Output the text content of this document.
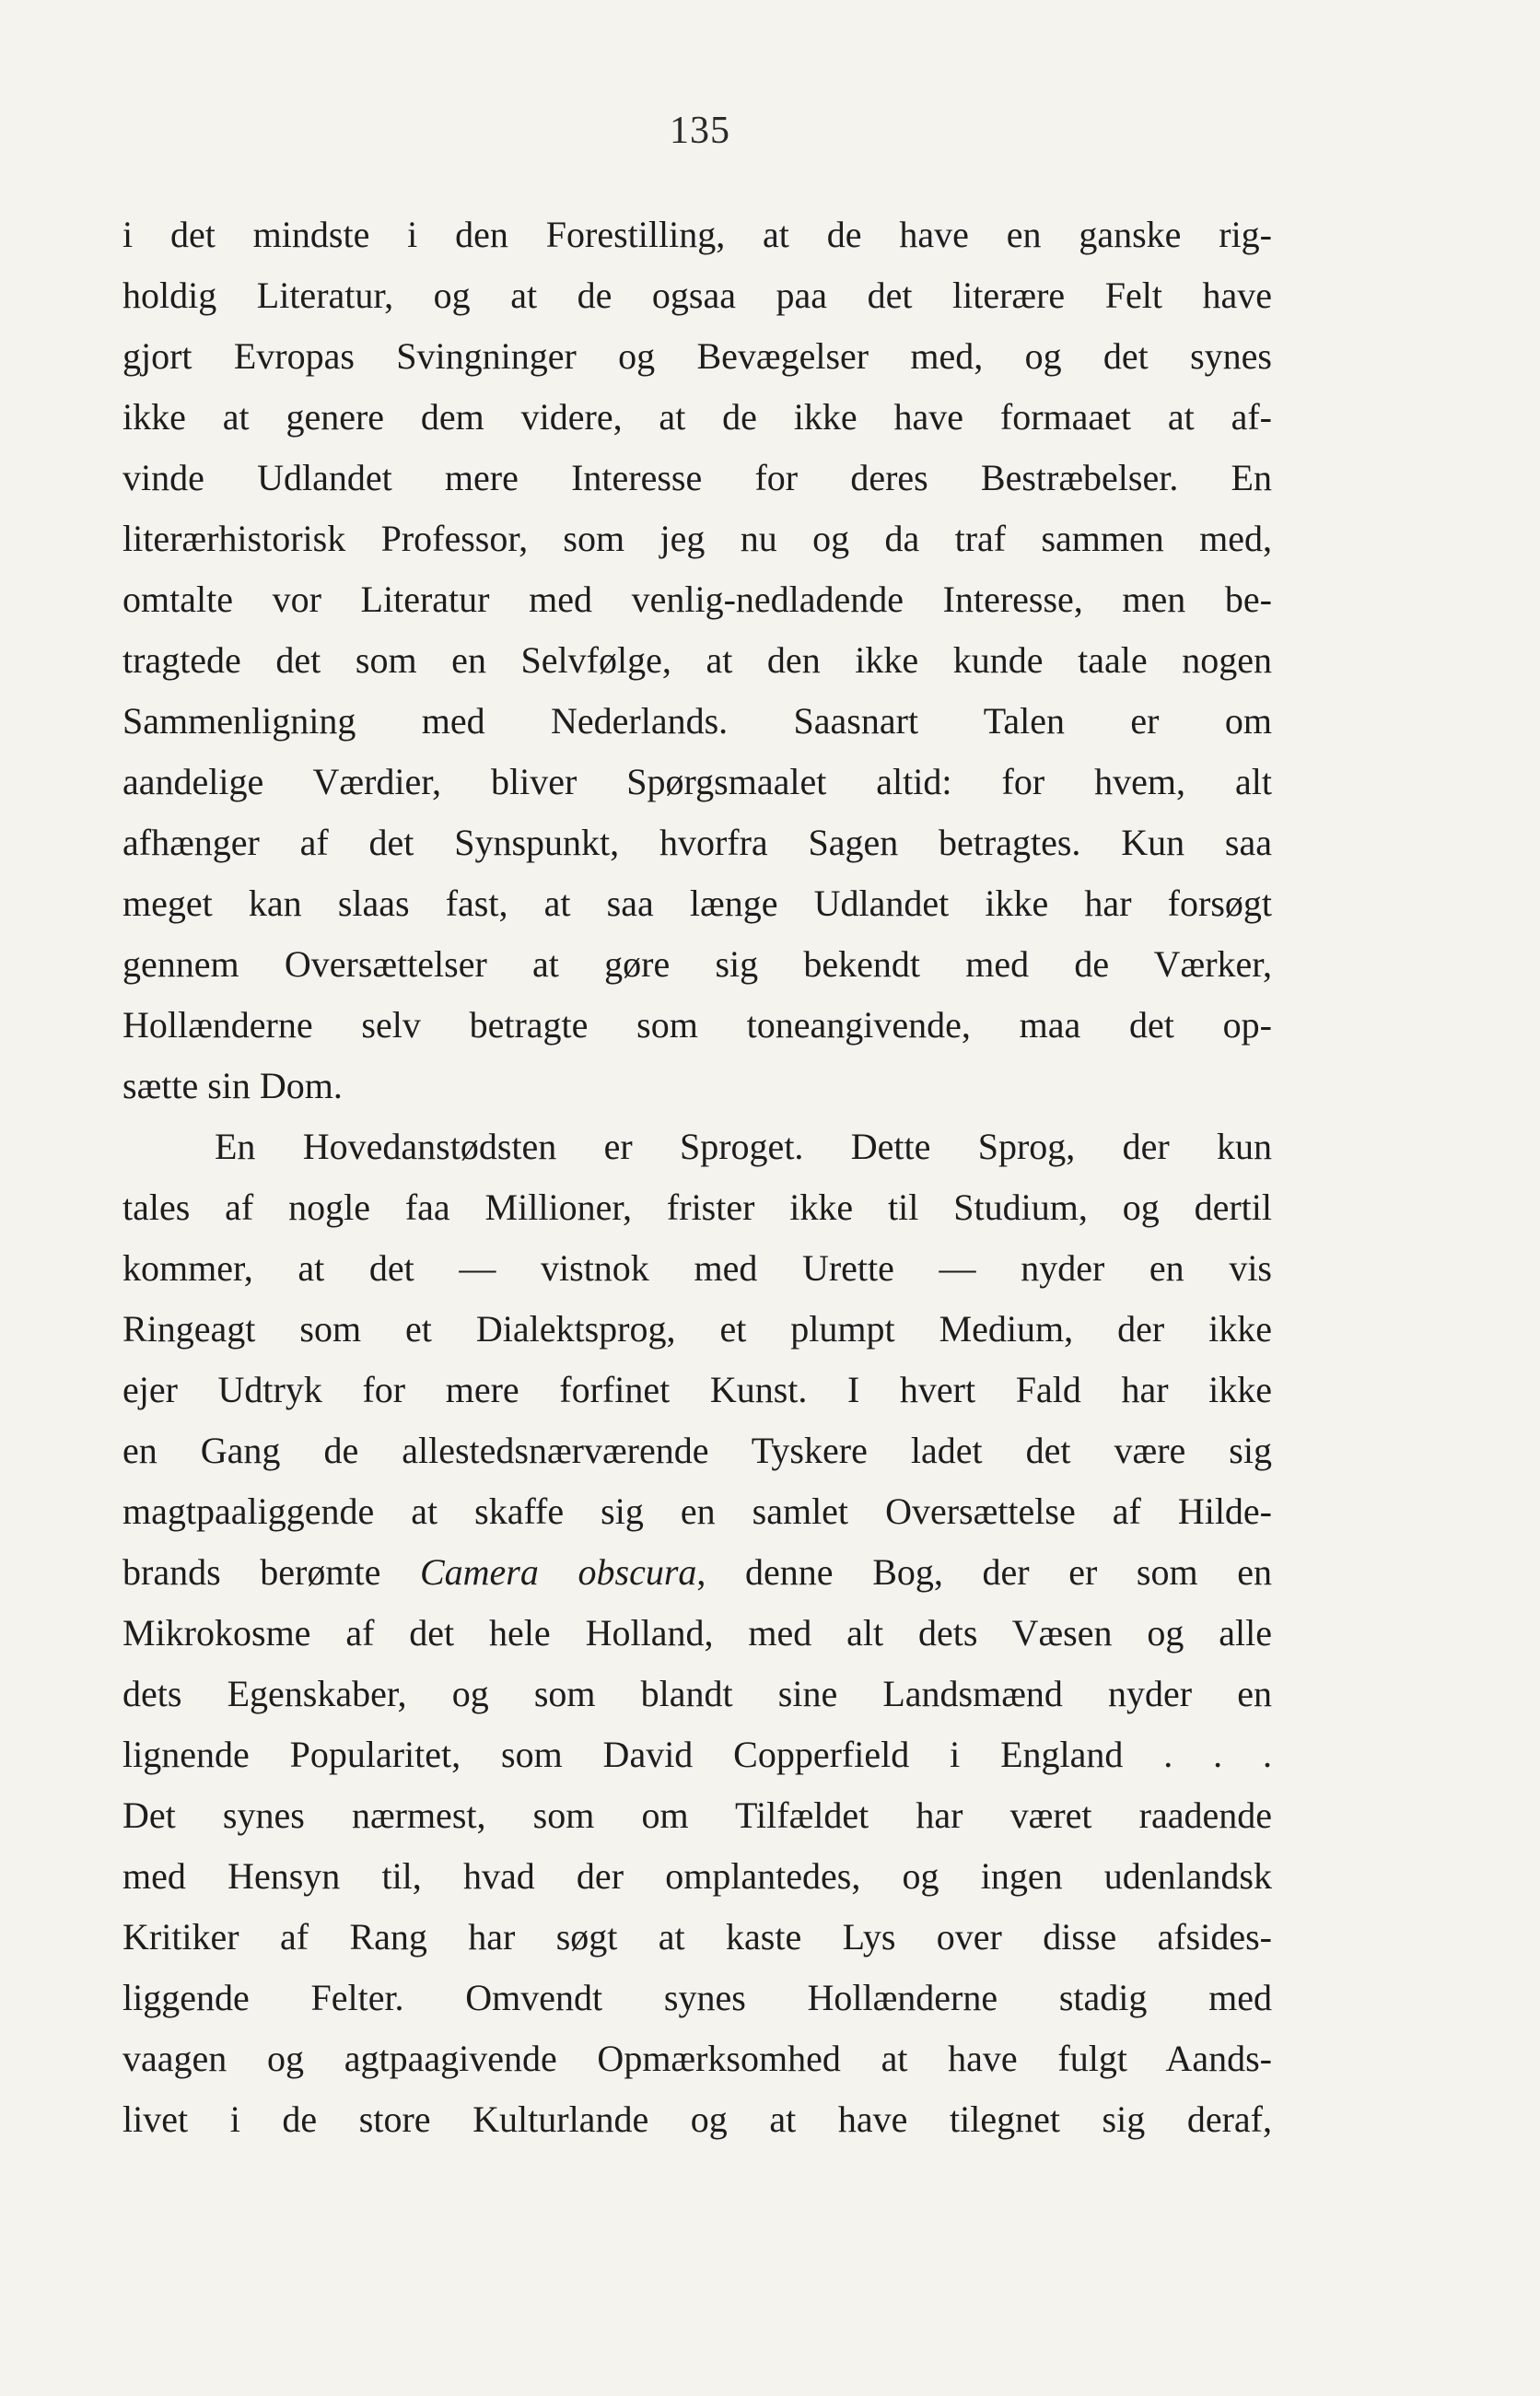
135
i det mindste i den Forestilling, at de have en ganske rig-
holdig Literatur, og at de ogsaa paa det literære Felt have
gjort Evropas Svingninger og Bevægelser med, og det synes
ikke at genere dem videre, at de ikke have formaaet at af-
vinde Udlandet mere Interesse for deres Bestræbelser. En
literærhistorisk Professor, som jeg nu og da traf sammen med,
omtalte vor Literatur med venlig-nedladende Interesse, men be-
tragtede det som en Selvfølge, at den ikke kunde taale nogen
Sammenligning med Nederlands. Saasnart Talen er om
aandelige Værdier, bliver Spørgsmaalet altid: for hvem, alt
afhænger af det Synspunkt, hvorfra Sagen betragtes. Kun saa
meget kan slaas fast, at saa længe Udlandet ikke har forsøgt
gennem Oversættelser at gøre sig bekendt med de Værker,
Hollænderne selv betragte som toneangivende, maa det op-
sætte sin Dom.
En Hovedanstødsten er Sproget. Dette Sprog, der kun
tales af nogle faa Millioner, frister ikke til Studium, og dertil
kommer, at det — vistnok med Urette — nyder en vis
Ringeagt som et Dialektsprog, et plumpt Medium, der ikke
ejer Udtryk for mere forfinet Kunst. I hvert Fald har ikke
en Gang de allestedsnærværende Tyskere ladet det være sig
magtpaaliggende at skaffe sig en samlet Oversættelse af Hilde-
brands berømte Camera obscura, denne Bog, der er som en
Mikrokosme af det hele Holland, med alt dets Væsen og alle
dets Egenskaber, og som blandt sine Landsmænd nyder en
lignende Popularitet, som David Copperfield i England . . .
Det synes nærmest, som om Tilfældet har været raadende
med Hensyn til, hvad der omplantedes, og ingen udenlandsk
Kritiker af Rang har søgt at kaste Lys over disse afsides-
liggende Felter. Omvendt synes Hollænderne stadig med
vaagen og agtpaagivende Opmærksomhed at have fulgt Aands-
livet i de store Kulturlande og at have tilegnet sig deraf,
